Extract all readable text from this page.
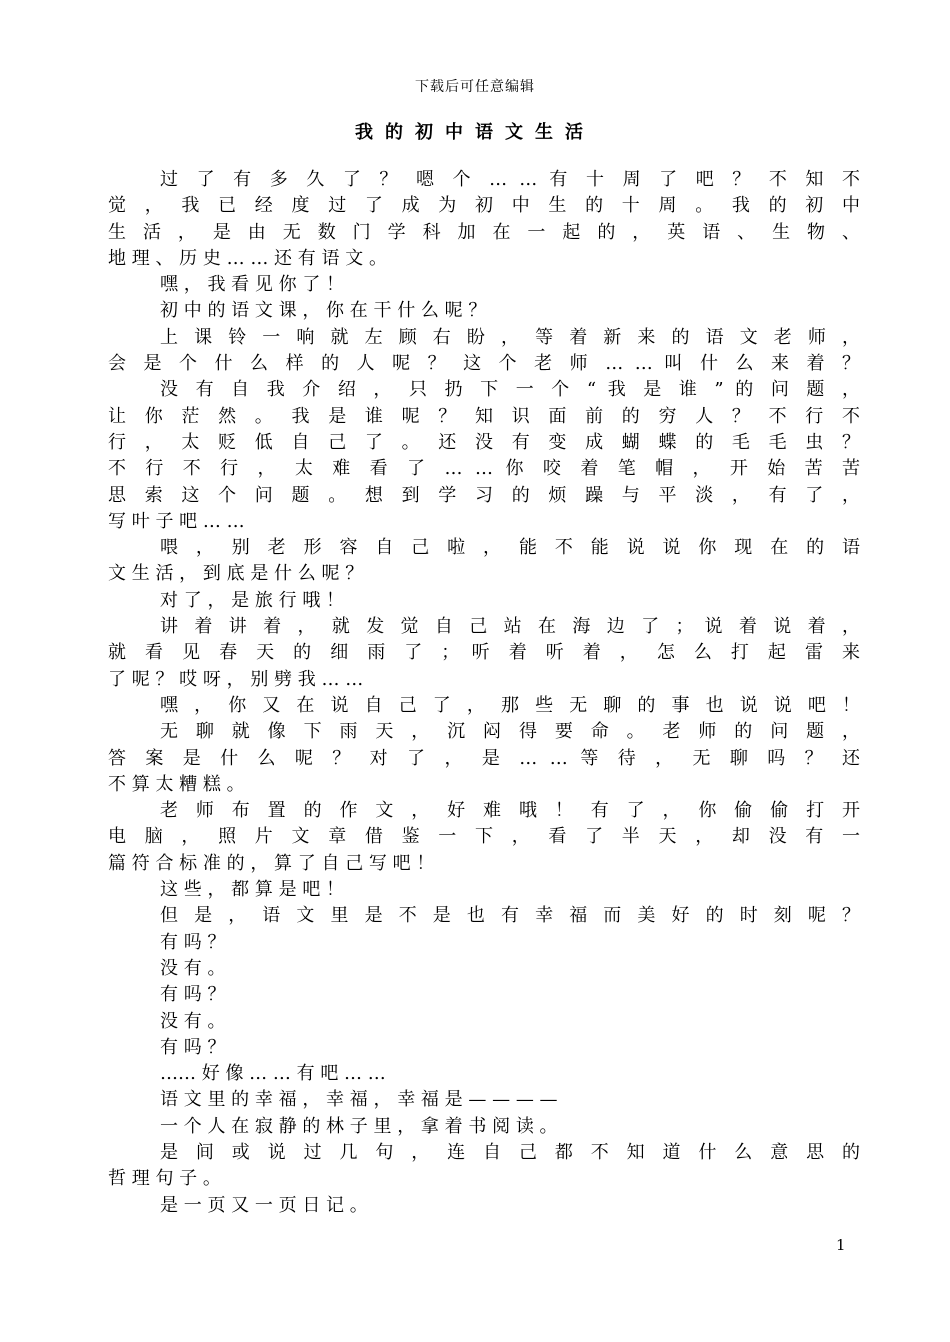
下载后可任意编辑
我的初中语文生活
过 了 有 多 久 了 ？ 嗯 个 … … 有 十 周 了 吧 ？ 不 知 不
觉 ， 我 已 经 度 过 了 成 为 初 中 生 的 十 周 。 我 的 初 中
生 活 ， 是 由 无 数 门 学 科 加 在 一 起 的 ， 英 语 、 生 物 、
地 理 、 历 史 … … 还 有 语 文 。
嘿 ， 我 看 见 你 了 ！
初 中 的 语 文 课 ， 你 在 干 什 么 呢 ？
上 课 铃 一 响 就 左 顾 右 盼 ， 等 着 新 来 的 语 文 老 师 ，
会 是 个 什 么 样 的 人 呢 ？ 这 个 老 师 … … 叫 什 么 来 着 ？
没 有 自 我 介 绍 ， 只 扔 下 一 个 “ 我 是 谁 ” 的 问 题 ，
让 你 茫 然 。 我 是 谁 呢 ？ 知 识 面 前 的 穷 人 ？ 不 行 不
行 ， 太 贬 低 自 己 了 。 还 没 有 变 成 蝴 蝶 的 毛 毛 虫 ？
不 行 不 行 ， 太 难 看 了 … … 你 咬 着 笔 帽 ， 开 始 苦 苦
思 索 这 个 问 题 。 想 到 学 习 的 烦 躁 与 平 淡 ， 有 了 ，
写 叶 子 吧 … …
喂 ， 别 老 形 容 自 己 啦 ， 能 不 能 说 说 你 现 在 的 语
文 生 活 ， 到 底 是 什 么 呢 ？
对 了 ， 是 旅 行 哦 ！
讲 着 讲 着 ， 就 发 觉 自 己 站 在 海 边 了 ； 说 着 说 着 ，
就 看 见 春 天 的 细 雨 了 ； 听 着 听 着 ， 怎 么 打 起 雷 来
了 呢 ？ 哎 呀 ， 别 劈 我 … …
嘿 ， 你 又 在 说 自 己 了 ， 那 些 无 聊 的 事 也 说 说 吧 ！
无 聊 就 像 下 雨 天 ， 沉 闷 得 要 命 。 老 师 的 问 题 ，
答 案 是 什 么 呢 ？ 对 了 ， 是 … … 等 待 ， 无 聊 吗 ？ 还
不 算 太 糟 糕 。
老 师 布 置 的 作 文 ， 好 难 哦 ！ 有 了 ， 你 偷 偷 打 开
电 脑 ， 照 片 文 章 借 鉴 一 下 ， 看 了 半 天 ， 却 没 有 一
篇 符 合 标 准 的 ， 算 了 自 己 写 吧 ！
这 些 ， 都 算 是 吧 ！
但 是 ， 语 文 里 是 不 是 也 有 幸 福 而 美 好 的 时 刻 呢 ？
有 吗 ？
没 有 。
有 吗 ？
没 有 。
有 吗 ？
…… 好 像 … … 有 吧 … …
语 文 里 的 幸 福 ， 幸 福 ， 幸 福 是 — — — —
一 个 人 在 寂 静 的 林 子 里 ， 拿 着 书 阅 读 。
是 间 或 说 过 几 句 ， 连 自 己 都 不 知 道 什 么 意 思 的
哲 理 句 子 。
是 一 页 又 一 页 日 记 。
1
